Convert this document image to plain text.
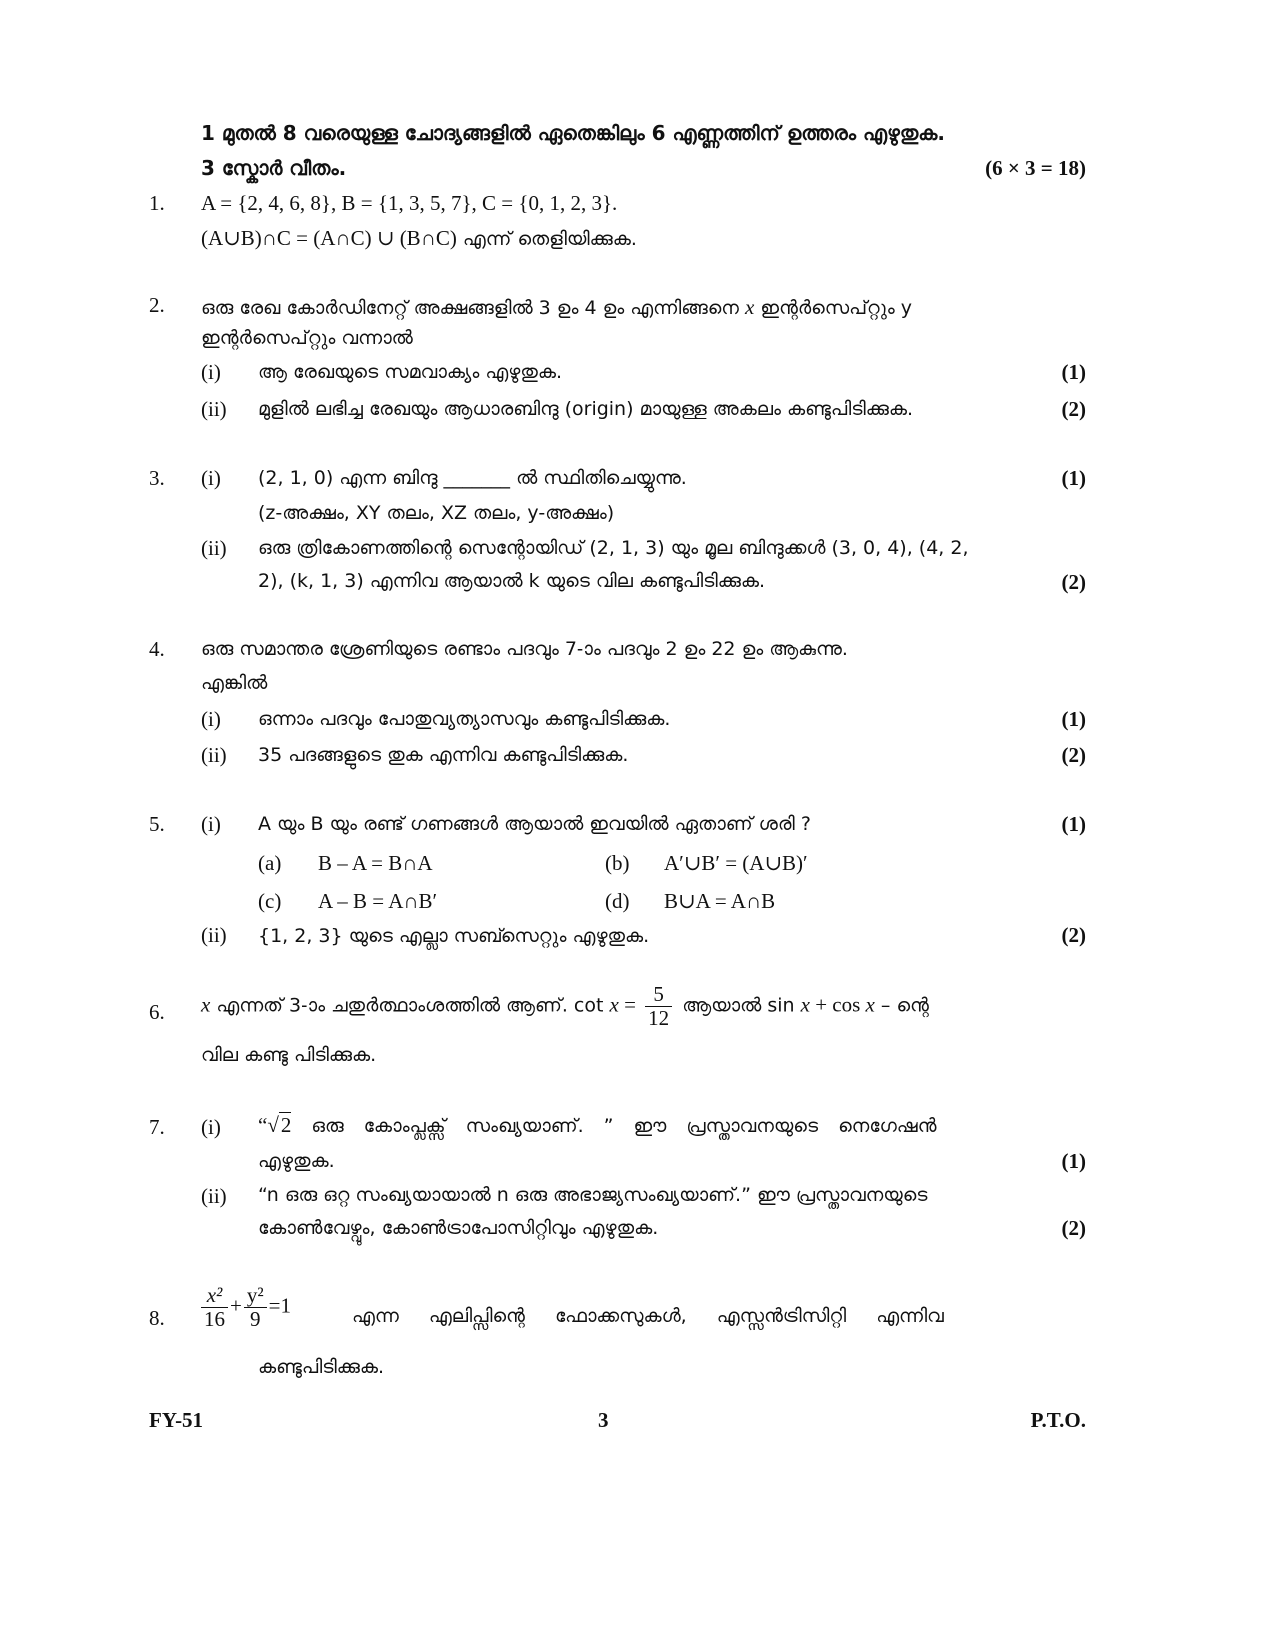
1 മുതൽ 8 വരെയുള്ള ചോദ്യങ്ങളിൽ ഏതെങ്കിലും 6 എണ്ണത്തിന് ഉത്തരം എഴുതുക.
3 സ്കോർ വീതം.	(6 × 3 = 18)
1. A = {2, 4, 6, 8}, B = {1, 3, 5, 7}, C = {0, 1, 2, 3}.
(A∪B)∩C = (A∩C) ∪ (B∩C) എന്ന് തെളിയിക്കുക.
2. ഒരു രേഖ കോർഡിനേറ്റ് അക്ഷങ്ങളിൽ 3 ഉം 4 ഉം എന്നിങ്ങനെ x ഇന്റർസെപ്റ്റും y
ഇന്റർസെപ്റ്റും വന്നാൽ
(i) ആ രേഖയുടെ സമവാക്യം എഴുതുക.	(1)
(ii) മുളിൽ ലഭിച്ച രേഖയും ആധാരബിന്ദു (origin) മായുള്ള അകലം കണ്ടുപിടിക്കുക.	(2)
3. (i) (2, 1, 0) എന്ന ബിന്ദു _______ ൽ സ്ഥിതിചെയ്യുന്നു.	(1)
(z-അക്ഷം, XY തലം, XZ തലം, y-അക്ഷം)
(ii) ഒരു ത്രികോണത്തിന്റെ സെന്റോയിഡ് (2, 1, 3) യും മൂല ബിന്ദുക്കൾ (3, 0, 4), (4, 2,
2), (k, 1, 3) എന്നിവ ആയാൽ k യുടെ വില കണ്ടുപിടിക്കുക.	(2)
4. ഒരു സമാന്തര ശ്രേണിയുടെ രണ്ടാം പദവും 7-ാം പദവും 2 ഉം 22 ഉം ആകുന്നു.
എങ്കിൽ
(i) ഒന്നാം പദവും പോതുവ്യത്യാസവും കണ്ടുപിടിക്കുക.	(1)
(ii) 35 പദങ്ങളുടെ തുക എന്നിവ കണ്ടുപിടിക്കുക.	(2)
5. (i) A യും B യും രണ്ട് ഗണങ്ങൾ ആയാൽ ഇവയിൽ ഏതാണ് ശരി ?	(1)
(a) B – A = B∩A	(b) A′∪B′ = (A∪B)′
(c) A – B = A∩B′	(d) B∪A = A∩B
(ii) {1, 2, 3} യുടെ എല്ലാ സബ്സെറ്റും എഴുതുക.	(2)
6. x എന്നത് 3-ാം ചതുർത്ഥാംശത്തിൽ ആണ്. $\cot x = \frac{5}{12}$ ആയാൽ sin x + cos x – ന്റെ
വില കണ്ടു പിടിക്കുക.
7. (i) “√2 ഒരു കോംപ്ലക്സ് സംഖ്യയാണ്. ” ഈ പ്രസ്താവനയുടെ നെഗേഷൻ
എഴുതുക.	(1)
(ii) “n ഒരു ഒറ്റ സംഖ്യയായാൽ n ഒരു അഭാജ്യസംഖ്യയാണ്.” ഈ പ്രസ്താവനയുടെ
കോൺവേഴ്വും, കോൺട്രാപോസിറ്റിവും എഴുതുക.	(2)
8. $\frac{\text{x²}}{16} + \frac{\text{y²}}{9} =1$	എന്ന എലിപ്സിന്റെ ഫോക്കസുകൾ, എസ്സൻട്രിസിറ്റി എന്നിവ
കണ്ടുപിടിക്കുക.
FY-51	3	P.T.O.
